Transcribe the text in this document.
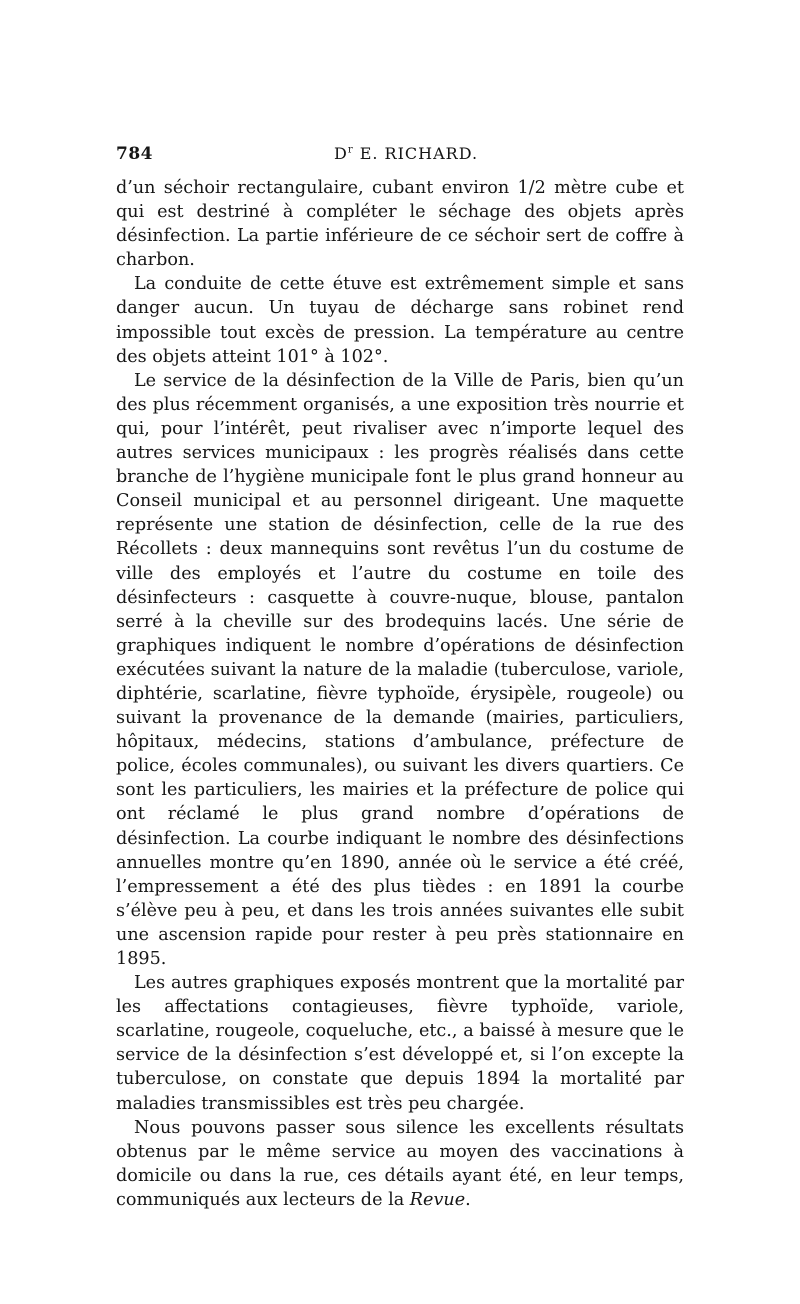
784	$D^r$ E. RICHARD.

d’un séchoir rectangulaire, cubant environ 1/2 mètre cube et qui est destriné à compléter le séchage des objets après désinfection. La partie inférieure de ce séchoir sert de coffre à charbon.

La conduite de cette étuve est extrêmement simple et sans danger aucun. Un tuyau de décharge sans robinet rend impossible tout excès de pression. La température au centre des objets atteint 101° à 102°.

Le service de la désinfection de la Ville de Paris, bien qu’un des plus récemment organisés, a une exposition très nourrie et qui, pour l’intérêt, peut rivaliser avec n’importe lequel des autres services municipaux : les progrès réalisés dans cette branche de l’hygiène municipale font le plus grand honneur au Conseil municipal et au personnel dirigeant. Une maquette représente une station de désinfection, celle de la rue des Récollets : deux mannequins sont revêtus l’un du costume de ville des employés et l’autre du costume en toile des désinfecteurs : casquette à couvre-nuque, blouse, pantalon serré à la cheville sur des brodequins lacés. Une série de graphiques indiquent le nombre d’opérations de désinfection exécutées suivant la nature de la maladie (tuberculose, variole, diphtérie, scarlatine, fièvre typhoïde, érysipèle, rougeole) ou suivant la provenance de la demande (mairies, particuliers, hôpitaux, médecins, stations d’ambulance, préfecture de police, écoles communales), ou suivant les divers quartiers. Ce sont les particuliers, les mairies et la préfecture de police qui ont réclamé le plus grand nombre d’opérations de désinfection. La courbe indiquant le nombre des désinfections annuelles montre qu’en 1890, année où le service a été créé, l’empressement a été des plus tièdes : en 1891 la courbe s’élève peu à peu, et dans les trois années suivantes elle subit une ascension rapide pour rester à peu près stationnaire en 1895.

Les autres graphiques exposés montrent que la mortalité par les affectations contagieuses, fièvre typhoïde, variole, scarlatine, rougeole, coqueluche, etc., a baissé à mesure que le service de la désinfection s’est développé et, si l’on excepte la tuberculose, on constate que depuis 1894 la mortalité par maladies transmissibles est très peu chargée.

Nous pouvons passer sous silence les excellents résultats obtenus par le même service au moyen des vaccinations à domicile ou dans la rue, ces détails ayant été, en leur temps, communiqués aux lecteurs de la Revue.
